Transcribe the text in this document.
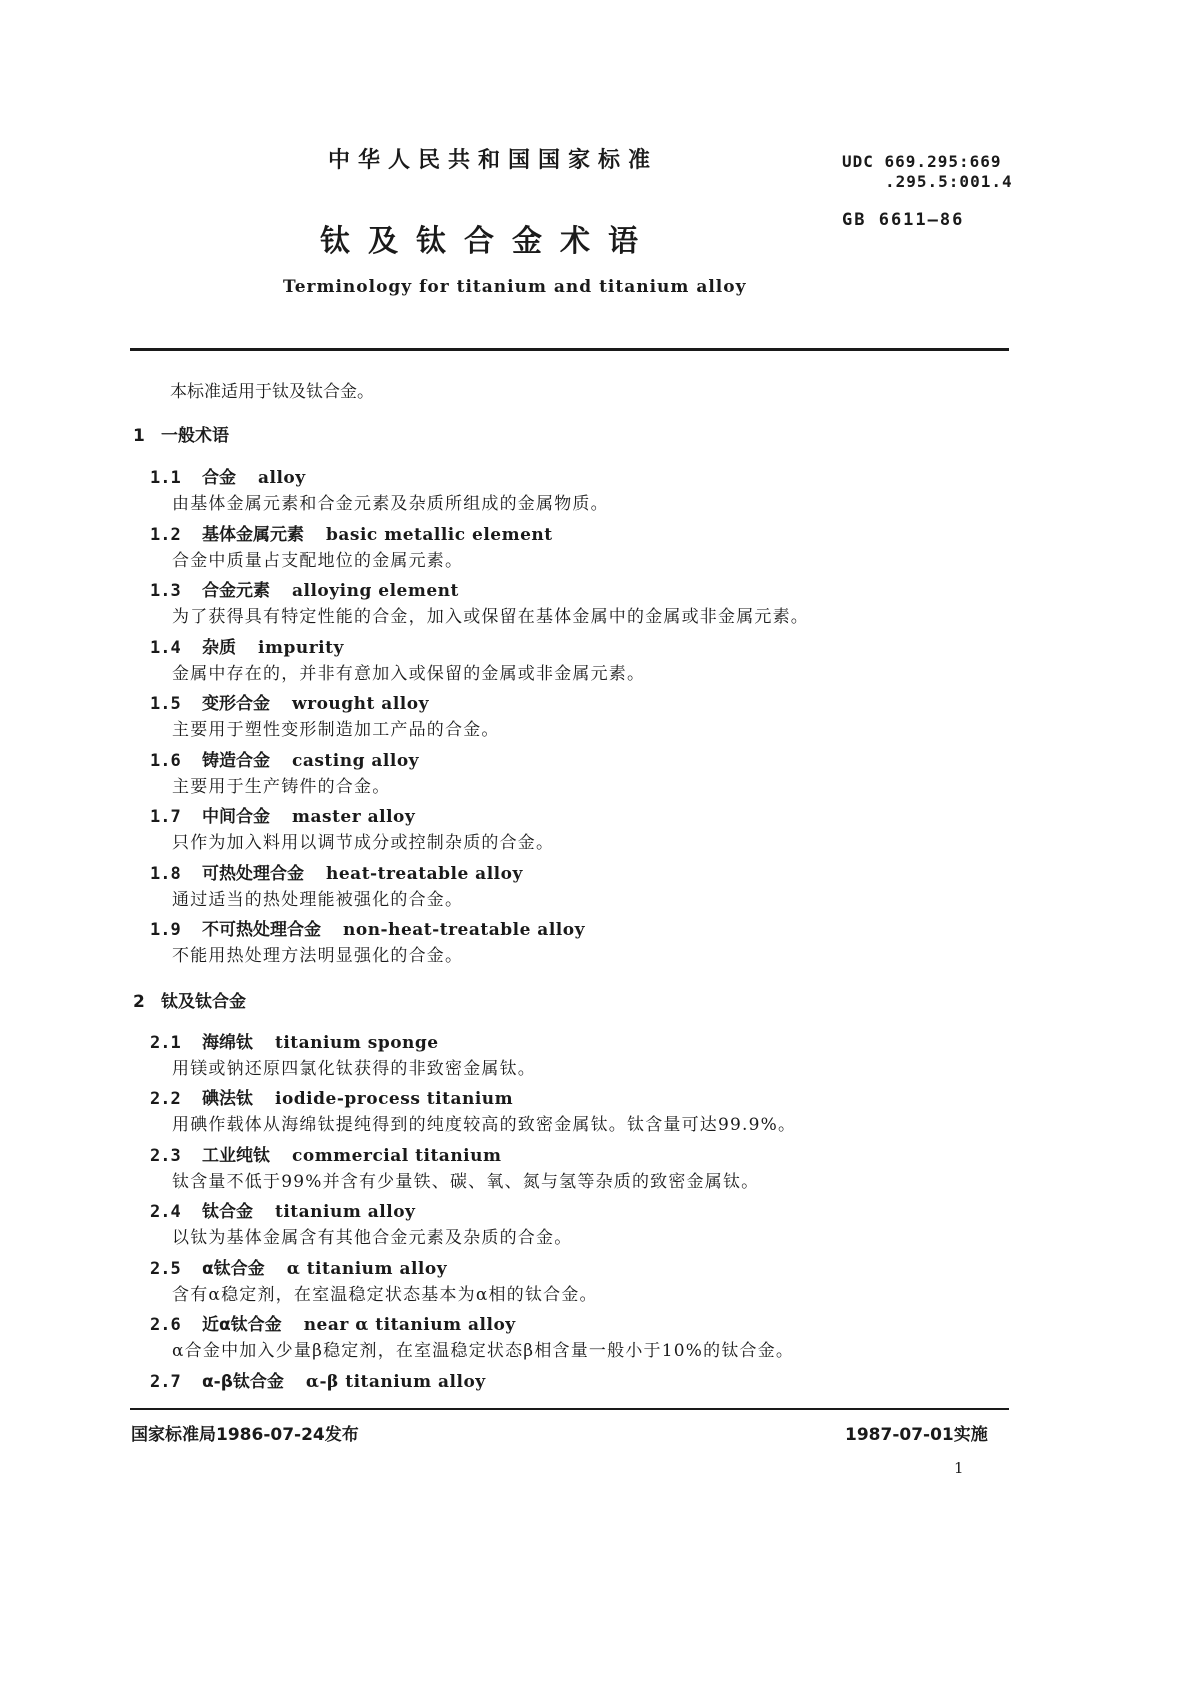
中华人民共和国国家标准	UDC 669.295:669
.295.5:001.4
GB 6611—86
钛及钛合金术语
Terminology for titanium and titanium alloy
本标准适用于钛及钛合金。
1 一般术语
1.1 合金 alloy
由基体金属元素和合金元素及杂质所组成的金属物质。
1.2 基体金属元素 basic metallic element
合金中质量占支配地位的金属元素。
1.3 合金元素 alloying element
为了获得具有特定性能的合金，加入或保留在基体金属中的金属或非金属元素。
1.4 杂质 impurity
金属中存在的，并非有意加入或保留的金属或非金属元素。
1.5 变形合金 wrought alloy
主要用于塑性变形制造加工产品的合金。
1.6 铸造合金 casting alloy
主要用于生产铸件的合金。
1.7 中间合金 master alloy
只作为加入料用以调节成分或控制杂质的合金。
1.8 可热处理合金 heat-treatable alloy
通过适当的热处理能被强化的合金。
1.9 不可热处理合金 non-heat-treatable alloy
不能用热处理方法明显强化的合金。
2 钛及钛合金
2.1 海绵钛 titanium sponge
用镁或钠还原四氯化钛获得的非致密金属钛。
2.2 碘法钛 iodide-process titanium
用碘作载体从海绵钛提纯得到的纯度较高的致密金属钛。钛含量可达99.9%。
2.3 工业纯钛 commercial titanium
钛含量不低于99%并含有少量铁、碳、氧、氮与氢等杂质的致密金属钛。
2.4 钛合金 titanium alloy
以钛为基体金属含有其他合金元素及杂质的合金。
2.5 α钛合金 α titanium alloy
含有α稳定剂，在室温稳定状态基本为α相的钛合金。
2.6 近α钛合金 near α titanium alloy
α合金中加入少量β稳定剂，在室温稳定状态β相含量一般小于10%的钛合金。
2.7 α-β钛合金 α-β titanium alloy
国家标准局1986-07-24发布	1987-07-01实施
1
